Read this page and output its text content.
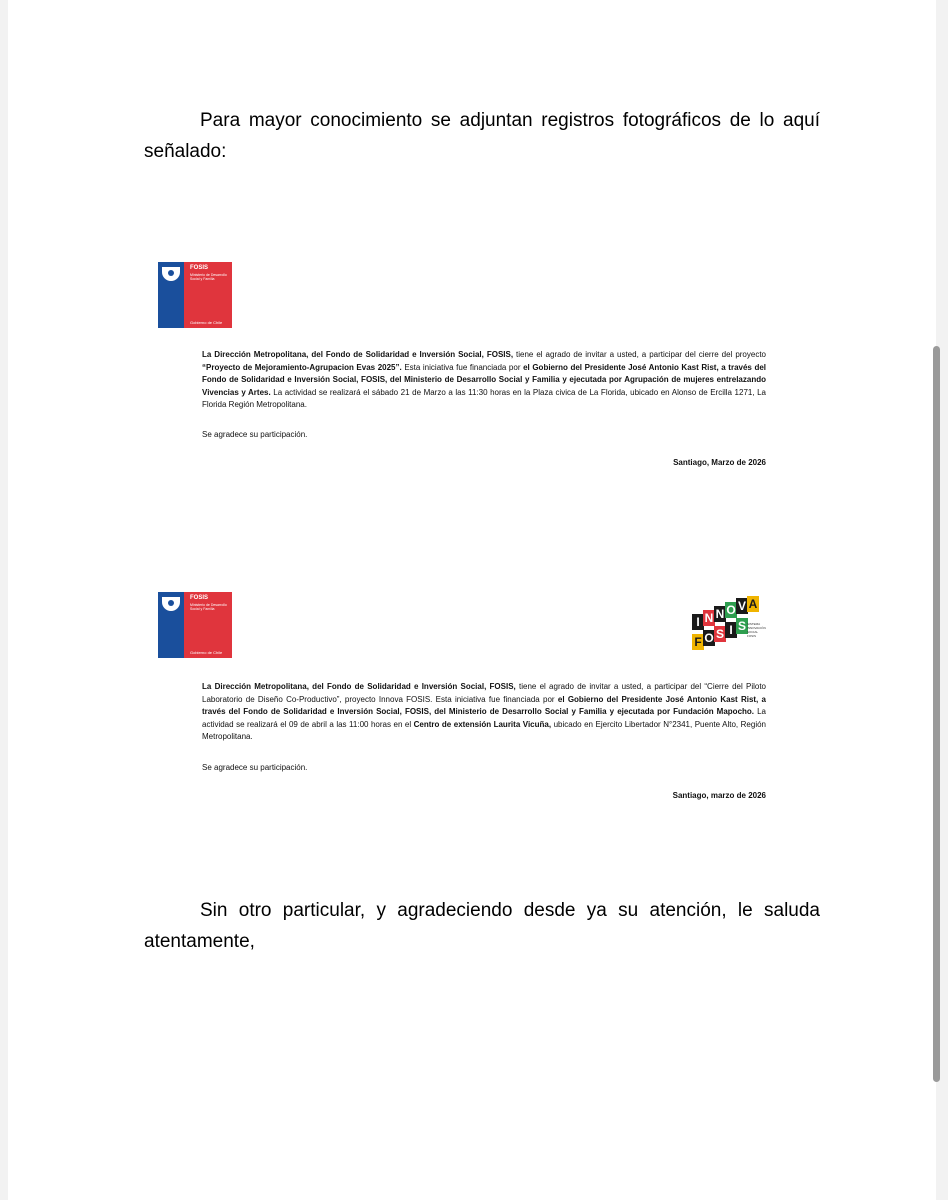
Para mayor conocimiento se adjuntan registros fotográficos de lo aquí señalado:

FOSIS
Ministerio de Desarrollo Social y Familia
Gobierno de Chile

La Dirección Metropolitana, del Fondo de Solidaridad e Inversión Social, FOSIS, tiene el agrado de invitar a usted, a participar del cierre del proyecto “Proyecto de Mejoramiento-Agrupacion Evas 2025”. Esta iniciativa fue financiada por el Gobierno del Presidente José Antonio Kast Rist, a través del Fondo de Solidaridad e Inversión Social, FOSIS, del Ministerio de Desarrollo Social y Familia y ejecutada por Agrupación de mujeres entrelazando Vivencias y Artes. La actividad se realizará el sábado 21 de Marzo a las 11:30 horas en la Plaza civica de La Florida, ubicado en Alonso de Ercilla 1271, La Florida Región Metropolitana.

Se agradece su participación.

Santiago, Marzo de 2026

FOSIS
Ministerio de Desarrollo Social y Familia
Gobierno de Chile
I N N O V A
F O S I S SISTEMA INNOVACIÓN SOCIAL FOSIS

La Dirección Metropolitana, del Fondo de Solidaridad e Inversión Social, FOSIS, tiene el agrado de invitar a usted, a participar del “Cierre del Piloto Laboratorio de Diseño Co-Productivo”, proyecto Innova FOSIS. Esta iniciativa fue financiada por el Gobierno del Presidente José Antonio Kast Rist, a través del Fondo de Solidaridad e Inversión Social, FOSIS, del Ministerio de Desarrollo Social y Familia y ejecutada por Fundación Mapocho. La actividad se realizará el 09 de abril a las 11:00 horas en el Centro de extensión Laurita Vicuña, ubicado en Ejercito Libertador N°2341, Puente Alto, Región Metropolitana.

Se agradece su participación.

Santiago, marzo de 2026

Sin otro particular, y agradeciendo desde ya su atención, le saluda atentamente,
